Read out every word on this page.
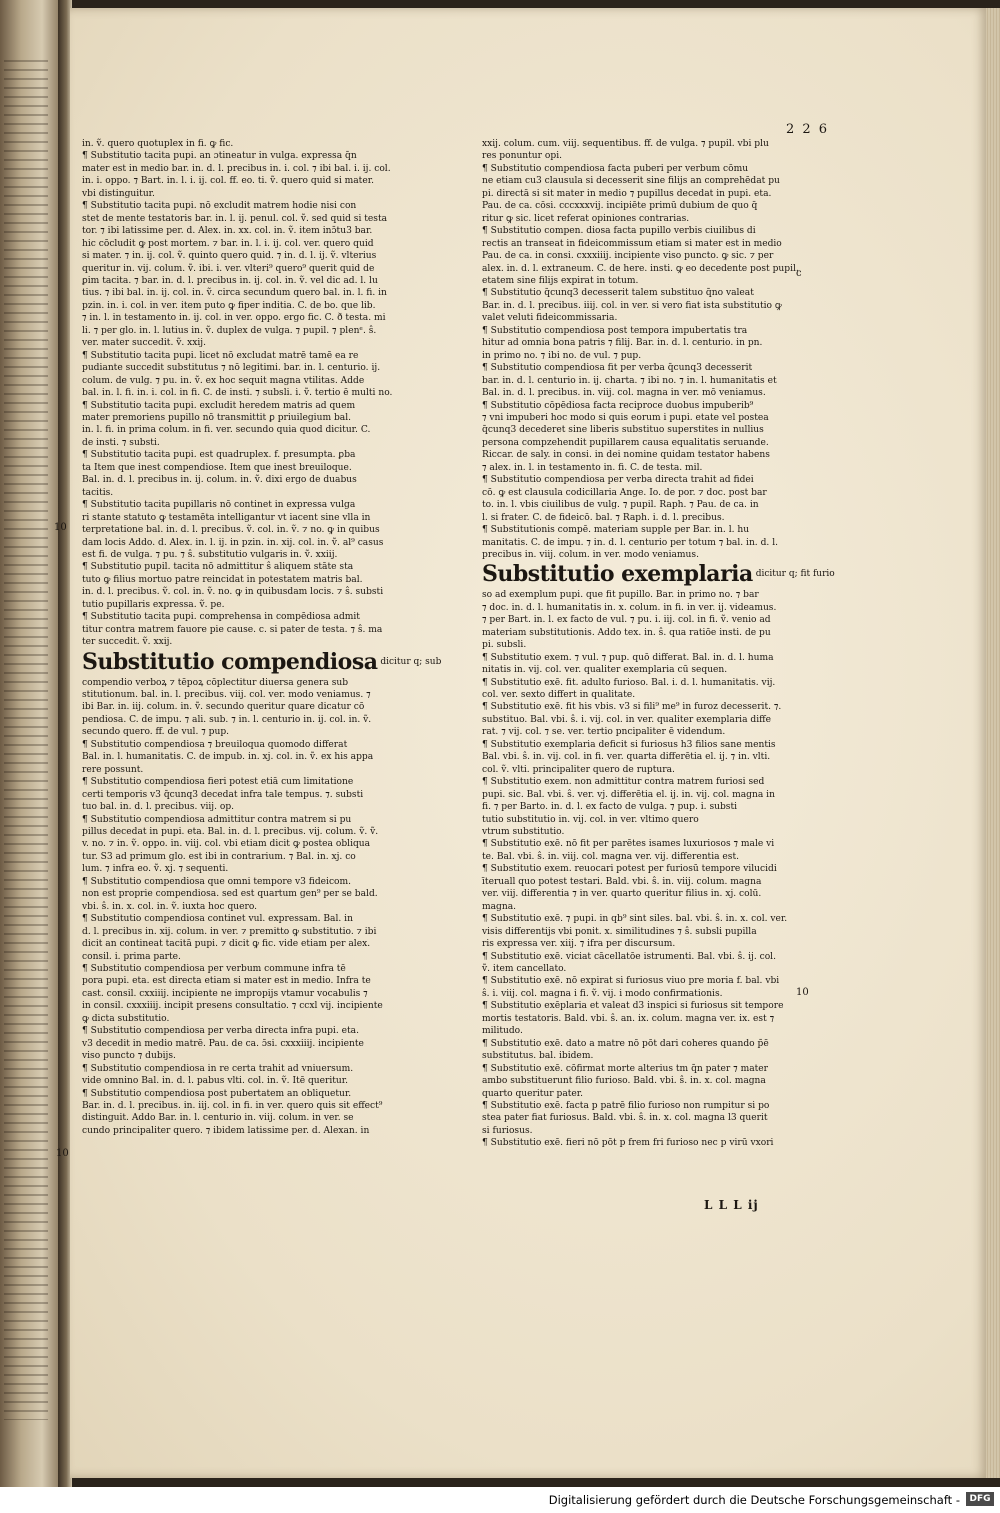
2 2 6
in. ṽ. quero quotuplex in fi. ꝙ fic.
¶ Substitutio tacita pupi. an ɔtineatur in vulga. expressa q̄n
mater est in medio bar. in. d. l. precibus in. i. col. ⁊ ibi bal. i. ij. col.
in. i. oppo. ⁊ Bart. in. l. i. ij. col. ff. eo. ti. ṽ. quero quid si mater.
vbi distinguitur.
¶ Substitutio tacita pupi. nō excludit matrem hodie nisi con
stet de mente testatoris bar. in. l. ij. penul. col. ṽ. sed quid si testa
tor. ⁊ ibi latissime per. d. Alex. in. xx. col. in. ṽ. item inɔ̄tu3 bar.
hic cōcludit ꝙ post mortem. ⁊ bar. in. l. i. ij. col. ver. quero quid
si mater. ⁊ in. ij. col. ṽ. quinto quero quid. ⁊ in. d. l. ij. ṽ. vlterius
queritur in. vij. colum. ṽ. ibi. i. ver. vlteri⁹ quero⁹ querit quid de
ꝑim tacita. ⁊ bar. in. d. l. precibus in. ij. col. in. ṽ. vel dic ad. l. lu
tius. ⁊ ibi bal. in. ij. col. in. ṽ. circa secundum quero bal. in. l. fi. in
pzin. in. i. col. in ver. item puto ꝙ fiper inditia. C. de bo. que lib.
⁊ in. l. in testamento in. ij. col. in ver. oppo. ergo fic. C. ð testa. mi
li. ⁊ per glo. in. l. lutius in. ṽ. duplex de vulga. ⁊ pupil. ⁊ plenᵉ. ŝ.
ver. mater succedit. ṽ. xxij.
¶ Substitutio tacita pupi. licet nō excludat matrē tamē ea re
pudiante succedit substitutus ⁊ nō legitimi. bar. in. l. centurio. ij.
colum. de vulg. ⁊ pu. in. ṽ. ex hoc sequit magna vtilitas. Adde
bal. in. l. fi. in. i. col. in fi. C. de insti. ⁊ subsli. i. ṽ. tertio ē multi no.
¶ Substitutio tacita pupi. excludit heredem matris ad quem
mater premoriens pupillo nō transmittit ꝑ priuilegium bal.
in. l. fi. in prima colum. in fi. ver. secundo quia quod dicitur. C.
de insti. ⁊ substi.
¶ Substitutio tacita pupi. est quadruplex. f. presumpta. ꝑba
ta Item que inest compendiose. Item que inest breuiloque.
Bal. in. d. l. precibus in. ij. colum. in. ṽ. dixi ergo de duabus
tacitis.
¶ Substitutio tacita pupillaris nō continet in expressa vulga
ri stante statuto ꝙ testamēta intelligantur vt iacent sine vlla in
terpretatione bal. in. d. l. precibus. ṽ. col. in. ṽ. ⁊ no. ꝙ in quibus
dam locis Addo. d. Alex. in. l. ij. in pzin. in. xij. col. in. ṽ. al⁹ casus
est fi. de vulga. ⁊ pu. ⁊ ŝ. substitutio vulgaris in. ṽ. xxiij.
¶ Substitutio pupil. tacita nō admittitur ŝ aliquem stāte sta
tuto ꝙ filius mortuo patre reincidat in potestatem matris bal.
in. d. l. precibus. ṽ. col. in. ṽ. no. ꝙ in quibusdam locis. ⁊ ŝ. substi
tutio pupillaris expressa. ṽ. pe.
¶ Substitutio tacita pupi. comprehensa in compēdiosa admit
titur contra matrem fauore pie cause. c. si pater de testa. ⁊ ŝ. ma
ter succedit. ṽ. xxij.
Substitutio compendiosa dicitur q; sub
compendio verboꝝ ⁊ tēpoꝝ cōplectitur diuersa genera sub
stitutionum. bal. in. l. precibus. viij. col. ver. modo veniamus. ⁊
ibi Bar. in. iij. colum. in. ṽ. secundo queritur quare dicatur cō
pendiosa. C. de impu. ⁊ ali. sub. ⁊ in. l. centurio in. ij. col. in. ṽ.
secundo quero. ff. de vul. ⁊ pup.
¶ Substitutio compendiosa ⁊ breuiloqua quomodo differat
Bal. in. l. humanitatis. C. de impub. in. xj. col. in. ṽ. ex his appa
rere possunt.
¶ Substitutio compendiosa fieri potest etiā cum limitatione
certi temporis v3 q̄cunq3 decedat infra tale tempus. ⁊. substi
tuo bal. in. d. l. precibus. viij. op.
¶ Substitutio compendiosa admittitur contra matrem si pu
pillus decedat in pupi. eta. Bal. in. d. l. precibus. vij. colum. ṽ. ṽ.
v. no. ⁊ in. ṽ. oppo. in. viij. col. vbi etiam dicit ꝙ postea obliqua
tur. S3 ad primum glo. est ibi in contrarium. ⁊ Bal. in. xj. co
lum. ⁊ infra eo. ṽ. xj. ⁊ sequenti.
¶ Substitutio compendiosa que omni tempore v3 fideicom.
non est proprie compendiosa. sed est quartum gen⁹ per se bald.
vbi. ŝ. in. x. col. in. ṽ. iuxta hoc quero.
¶ Substitutio compendiosa continet vul. expressam. Bal. in
d. l. precibus in. xij. colum. in ver. ⁊ premitto ꝙ substitutio. ⁊ ibi
dicit an contineat tacitā pupi. ⁊ dicit ꝙ fic. vide etiam per alex.
consil. i. prima parte.
¶ Substitutio compendiosa per verbum commune infra tē
pora pupi. eta. est directa etiam si mater est in medio. Infra te
cast. consil. cxxiiij. incipiente ne impropijs vtamur vocabulis ⁊
in consil. cxxxiiij. incipit presens consultatio. ⁊ ccxl vij. incipiente
ꝙ dicta substitutio.
¶ Substitutio compendiosa per verba directa infra pupi. eta.
v3 decedit in medio matrē. Pau. de ca. ɔ̄si. cxxxiiij. incipiente
viso puncto ⁊ dubijs.
¶ Substitutio compendiosa in re certa trahit ad vniuersum.
vide omnino Bal. in. d. l. pabus vlti. col. in. ṽ. Itē queritur.
¶ Substitutio compendiosa post pubertatem an obliquetur.
Bar. in. d. l. precibus. in. iij. col. in fi. in ver. quero quis sit effect⁹
distinguit. Addo Bar. in. l. centurio in. viij. colum. in ver. se
cundo principaliter quero. ⁊ ibidem latissime per. d. Alexan. in
xxij. colum. cum. viij. sequentibus. ff. de vulga. ⁊ pupil. vbi plu
res ponuntur opi.
¶ Substitutio compendiosa facta puberi per verbum cōmu
ne etiam cu3 clausula si decesserit sine filijs an comprehēdat pu
pi. directā si sit mater in medio ⁊ pupillus decedat in pupi. eta.
Pau. de ca. cōsi. cccxxxvij. incipiēte primū dubium de quo q̄
ritur ꝙ sic. licet referat opiniones contrarias.
¶ Substitutio compen. diosa facta pupillo verbis ciuilibus di
rectis an transeat in fideicommissum etiam si mater est in medio
Pau. de ca. in consi. cxxxiiij. incipiente viso puncto. ꝙ sic. ⁊ per
alex. in. d. l. extraneum. C. de here. insti. ꝙ eo decedente post pupil.
etatem sine filijs expirat in totum.
¶ Substitutio q̄cunq3 decesserit talem substituo q̄no valeat
Bar. in. d. l. precibus. iiij. col. in ver. si vero fiat ista substitutio ꝙ
valet veluti fideicommissaria.
¶ Substitutio compendiosa post tempora impubertatis tra
hitur ad omnia bona patris ⁊ filij. Bar. in. d. l. centurio. in pn.
in primo no. ⁊ ibi no. de vul. ⁊ pup.
¶ Substitutio compendiosa fit per verba q̄cunq3 decesserit
bar. in. d. l. centurio in. ij. charta. ⁊ ibi no. ⁊ in. l. humanitatis et
Bal. in. d. l. precibus. in. viij. col. magna in ver. mō veniamus.
¶ Substitutio cōpēdiosa facta reciproce duobus impuberib⁹
⁊ vni impuberi hoc modo si quis eorum i pupi. etate vel postea
q̄cunq3 decederet sine liberis substituo superstites in nullius
persona compzehendit pupillarem causa equalitatis seruande.
Riccar. de saly. in consi. in dei nomine quidam testator habens
⁊ alex. in. l. in testamento in. fi. C. de testa. mil.
¶ Substitutio compendiosa per verba directa trahit ad fidei
cō. ꝙ est clausula codicillaria Ange. Io. de por. ⁊ doc. post bar
to. in. l. vbis ciuilibus de vulg. ⁊ pupil. Raph. ⁊ Pau. de ca. in
l. si frater. C. de fideicō. bal. ⁊ Raph. i. d. l. precibus.
¶ Substitutionis compē. materiam supple per Bar. in. l. hu
manitatis. C. de impu. ⁊ in. d. l. centurio per totum ⁊ bal. in. d. l.
precibus in. viij. colum. in ver. modo veniamus.
Substitutio exemplaria dicitur q; fit furio
so ad exemplum pupi. que fit pupillo. Bar. in primo no. ⁊ bar
⁊ doc. in. d. l. humanitatis in. x. colum. in fi. in ver. ij. videamus.
⁊ per Bart. in. l. ex facto de vul. ⁊ pu. i. iij. col. in fi. ṽ. venio ad
materiam substitutionis. Addo tex. in. ŝ. qua ratiōe insti. de pu
pi. subsli.
¶ Substitutio exem. ⁊ vul. ⁊ pup. quō differat. Bal. in. d. l. huma
nitatis in. vij. col. ver. qualiter exemplaria cū sequen.
¶ Substitutio exē. fit. adulto furioso. Bal. i. d. l. humanitatis. vij.
col. ver. sexto differt in qualitate.
¶ Substitutio exē. fit his vbis. v3 si fili⁹ me⁹ in furoz decesserit. ⁊.
substituo. Bal. vbi. ŝ. i. vij. col. in ver. qualiter exemplaria diffe
rat. ⁊ vij. col. ⁊ se. ver. tertio pncipaliter ē videndum.
¶ Substitutio exemplaria deficit si furiosus h3 filios sane mentis
Bal. vbi. ŝ. in. vij. col. in fi. ver. quarta differētia el. ij. ⁊ in. vlti.
col. ṽ. vlti. principaliter quero de ruptura.
¶ Substitutio exem. non admittitur contra matrem furiosi sed
pupi. sic. Bal. vbi. ŝ. ver. vj. differētia el. ij. in. vij. col. magna in
fi. ⁊ per Barto. in. d. l. ex facto de vulga. ⁊ pup. i. substi
tutio substitutio in. vij. col. in ver. vltimo quero
vtrum substitutio.
¶ Substitutio exē. nō fit per parētes isames luxuriosos ⁊ male vi
te. Bal. vbi. ŝ. in. viij. col. magna ver. vij. differentia est.
¶ Substitutio exem. reuocari potest per furiosū tempore vilucidi
īteruall quo potest testari. Bald. vbi. ŝ. in. viij. colum. magna
ver. viij. differentia ⁊ in ver. quarto queritur filius in. xj. colū.
magna.
¶ Substitutio exē. ⁊ pupi. in qb⁹ sint siles. bal. vbi. ŝ. in. x. col. ver.
visis differentijs vbi ponit. x. similitudines ⁊ ŝ. subsli pupilla
ris expressa ver. xiij. ⁊ ifra per discursum.
¶ Substitutio exē. viciat cācellatōe istrumenti. Bal. vbi. ŝ. ij. col.
ṽ. item cancellato.
¶ Substitutio exē. nō expirat si furiosus viuo pre moria f. bal. vbi
ŝ. i. viij. col. magna i fi. ṽ. vij. i modo confirmationis.
¶ Substitutio exēplaria et valeat d3 inspici si furiosus sit tempore
mortis testatoris. Bald. vbi. ŝ. an. ix. colum. magna ver. ix. est ⁊
militudo.
¶ Substitutio exē. dato a matre nō pōt dari coheres quando p̄ē
substitutus. bal. ibidem.
¶ Substitutio exē. cōfirmat morte alterius tm q̄n pater ⁊ mater
ambo substituerunt filio furioso. Bald. vbi. ŝ. in. x. col. magna
quarto queritur pater.
¶ Substitutio exē. facta p patrē filio furioso non rumpitur si po
stea pater fiat furiosus. Bald. vbi. ŝ. in. x. col. magna l3 querit
si furiosus.
¶ Substitutio exē. fieri nō pōt p frem fri furioso nec p virū vxori
10
10
10
c
L L L ij
Digitalisierung gefördert durch die Deutsche Forschungsgemeinschaft -	DFG
